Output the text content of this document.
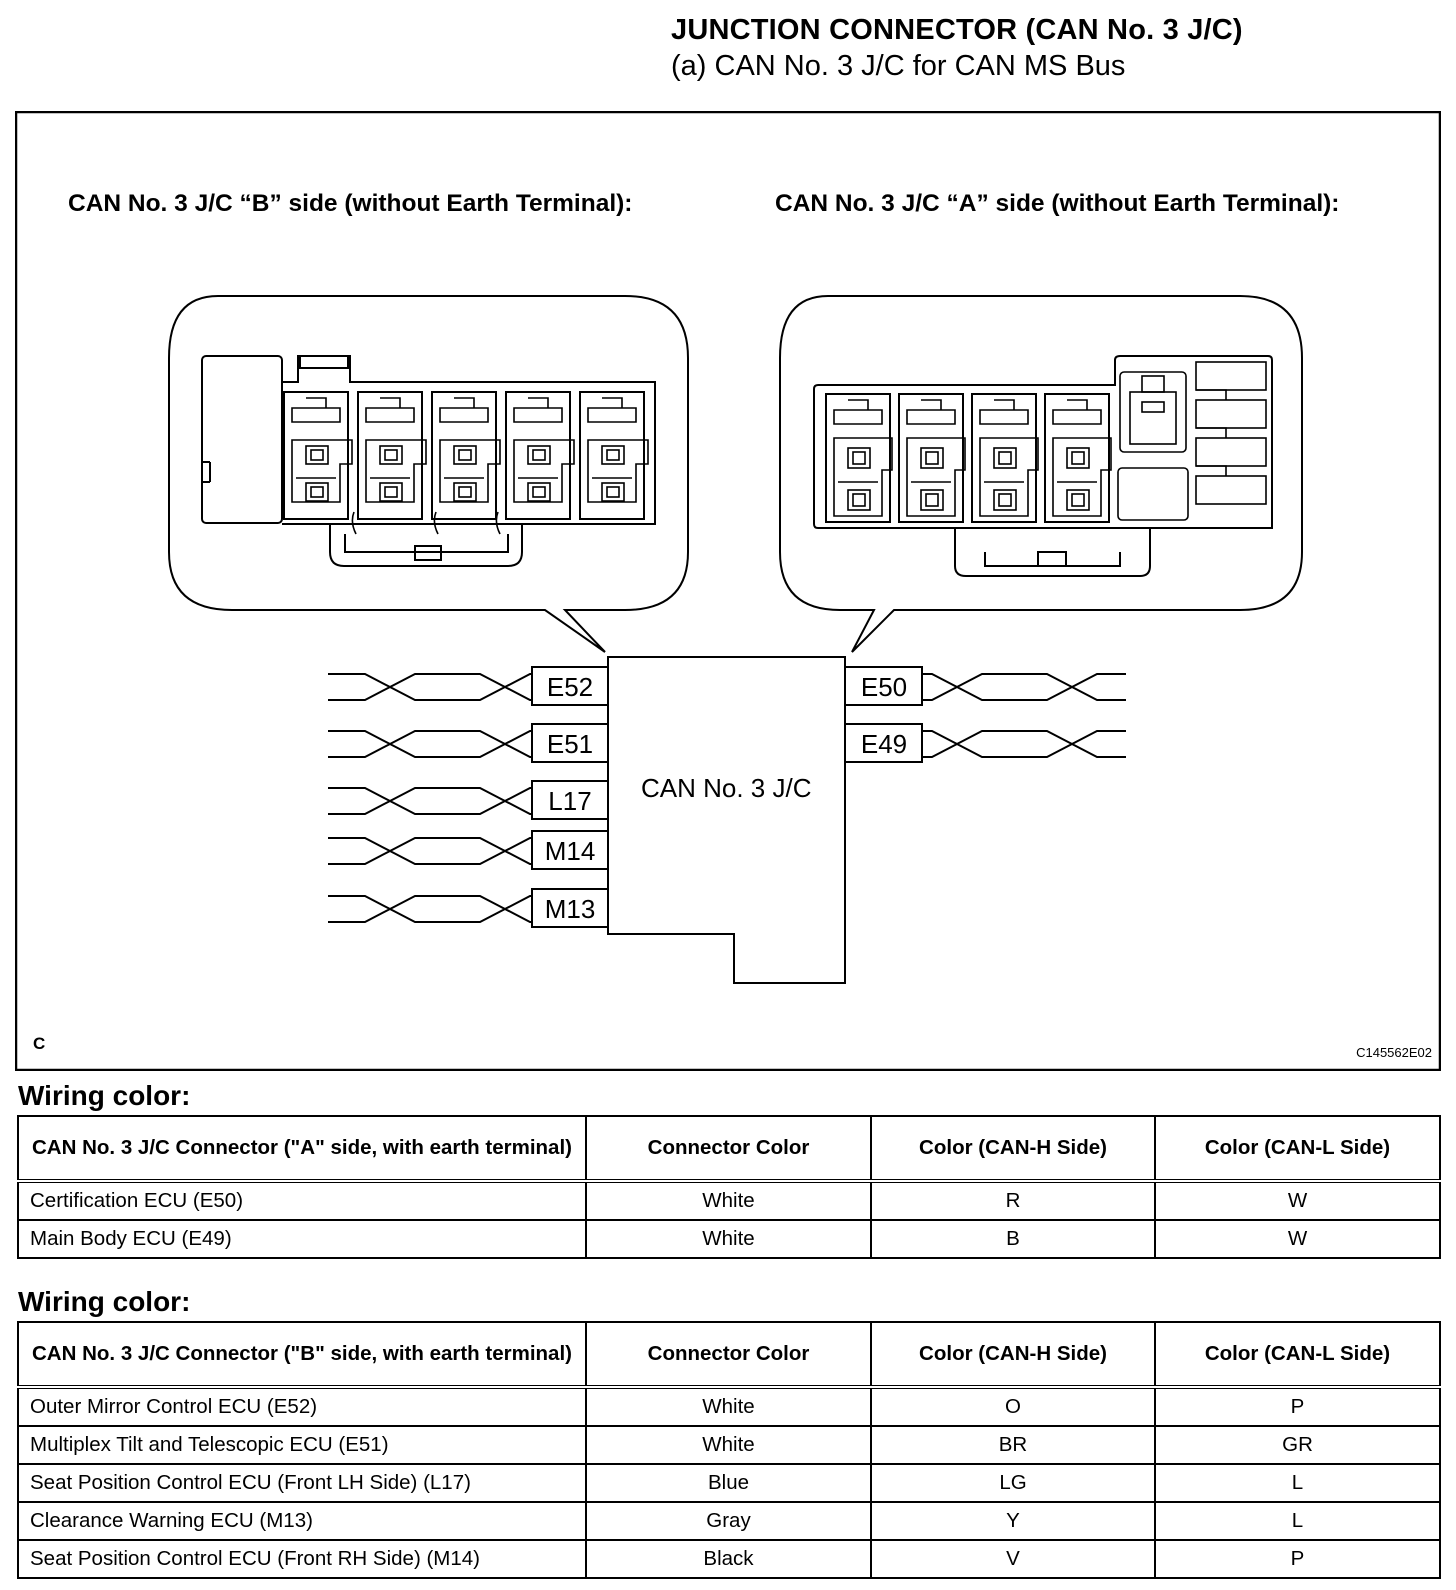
JUNCTION CONNECTOR (CAN No. 3 J/C)
(a) CAN No. 3 J/C for CAN MS Bus
CAN No. 3 J/C “B” side (without Earth Terminal):	CAN No. 3 J/C “A” side (without Earth Terminal):
CAN No. 3 J/C
E52
E51
L17
M14
M13
E50
E49
C	C145562E02
Wiring color:
CAN No. 3 J/C Connector ("A" side, with earth terminal)	Connector Color	Color (CAN-H Side)	Color (CAN-L Side)
Certification ECU (E50)	White	R	W
Main Body ECU (E49)	White	B	W
Wiring color:
CAN No. 3 J/C Connector ("B" side, with earth terminal)	Connector Color	Color (CAN-H Side)	Color (CAN-L Side)
Outer Mirror Control ECU (E52)	White	O	P
Multiplex Tilt and Telescopic ECU (E51)	White	BR	GR
Seat Position Control ECU (Front LH Side) (L17)	Blue	LG	L
Clearance Warning ECU (M13)	Gray	Y	L
Seat Position Control ECU (Front RH Side) (M14)	Black	V	P
